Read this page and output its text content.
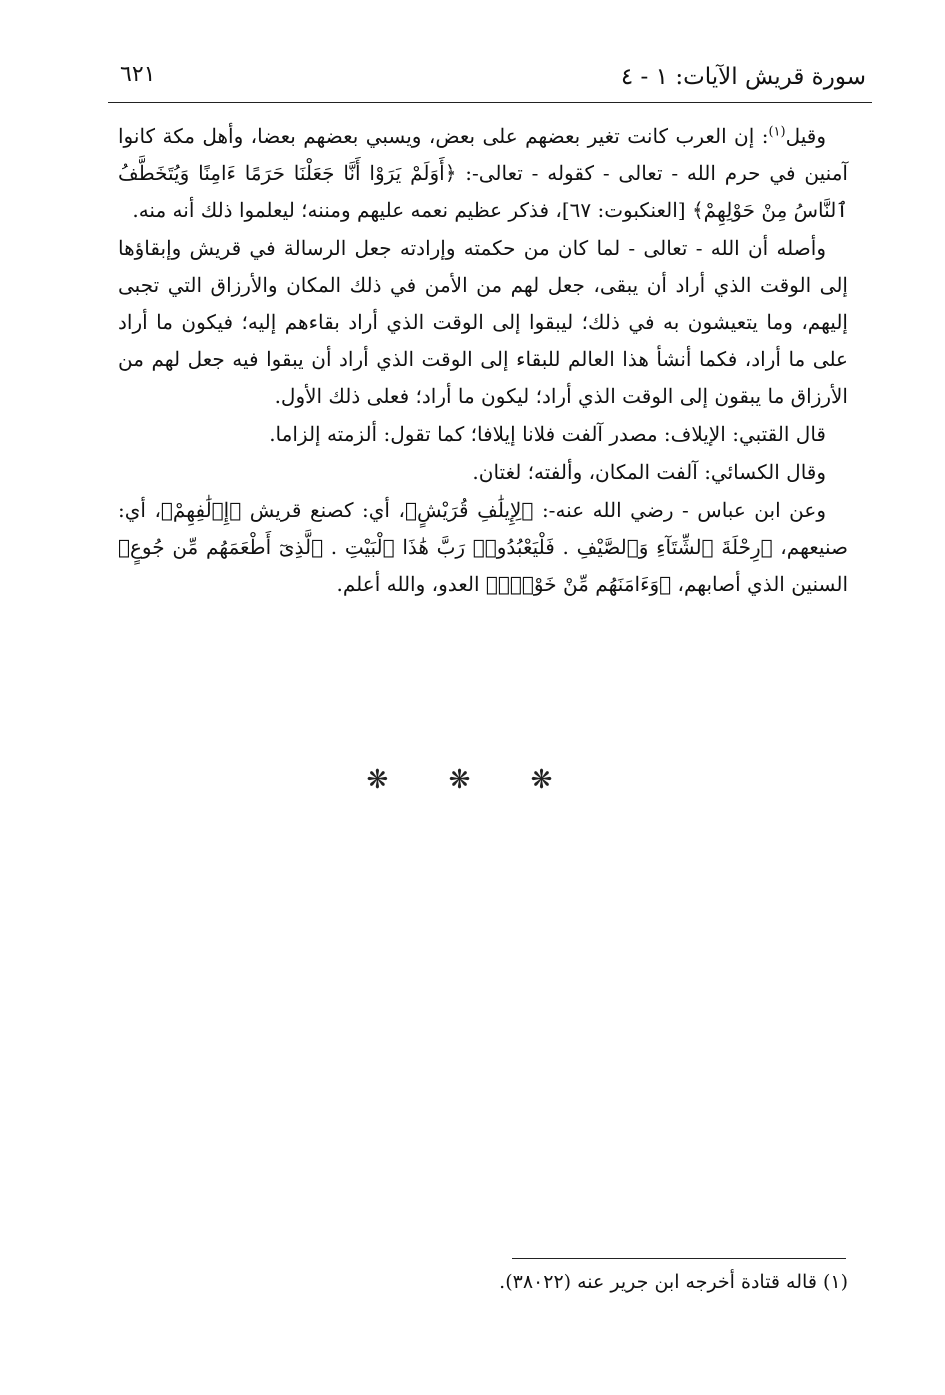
سورة قريش الآيات: ١ - ٤
٦٢١

وقيل$^{(١)}$: إن العرب كانت تغير بعضهم على بعض، ويسبي بعضهم بعضا، وأهل مكة كانوا آمنين في حرم الله - تعالى - كقوله - تعالى-: ﴿أَوَلَمْ يَرَوْا أَنَّا جَعَلْنَا حَرَمًا ءَامِنًا وَيُتَخَطَّفُ ٱلنَّاسُ مِنْ حَوْلِهِمْ﴾ [العنكبوت: ٦٧]، فذكر عظيم نعمه عليهم ومننه؛ ليعلموا ذلك أنه منه.

وأصله أن الله - تعالى - لما كان من حكمته وإرادته جعل الرسالة في قريش وإبقاؤها إلى الوقت الذي أراد أن يبقى، جعل لهم من الأمن في ذلك المكان والأرزاق التي تجبى إليهم، وما يتعيشون به في ذلك؛ ليبقوا إلى الوقت الذي أراد بقاءهم إليه؛ فيكون ما أراد على ما أراد، فكما أنشأ هذا العالم للبقاء إلى الوقت الذي أراد أن يبقوا فيه جعل لهم من الأرزاق ما يبقون إلى الوقت الذي أراد؛ ليكون ما أراد؛ فعلى ذلك الأول.

قال القتبي: الإيلاف: مصدر آلفت فلانا إيلافا؛ كما تقول: ألزمته إلزاما.

وقال الكسائي: آلفت المكان، وألفته؛ لغتان.

وعن ابن عباس - رضي الله عنه-: ﴿لِإِيلَٰفِ قُرَيْشٍ﴾، أي: كصنع قريش ﴿إِۦلَٰفِهِمْ﴾، أي: صنيعهم، ﴿رِحْلَةَ ٱلشِّتَآءِ وَٱلصَّيْفِ . فَلْيَعْبُدُوا۟ رَبَّ هَٰذَا ٱلْبَيْتِ . ٱلَّذِىٓ أَطْعَمَهُم مِّن جُوعٍ﴾ السنين الذي أصابهم، ﴿وَءَامَنَهُم مِّنْ خَوْفٍۭ﴾ العدو، والله أعلم.

❋ ❋ ❋
(١) قاله قتادة أخرجه ابن جرير عنه (٣٨٠٢٢).
